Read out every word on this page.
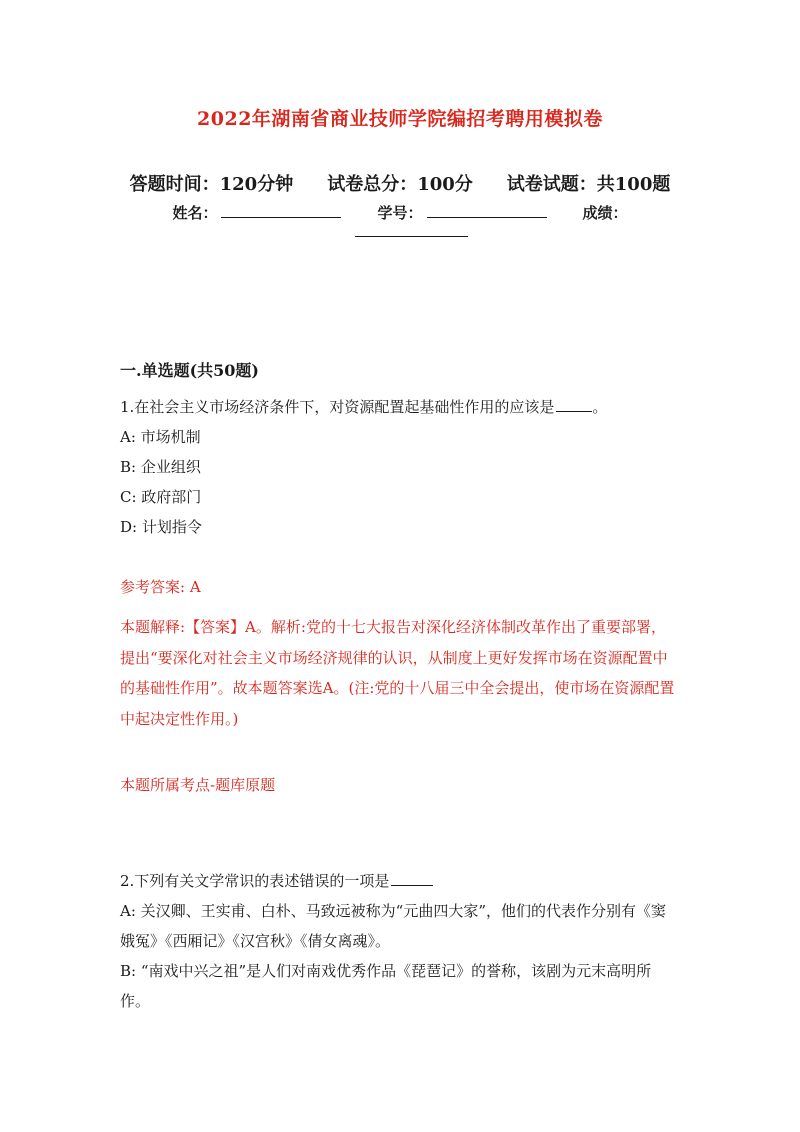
2022年湖南省商业技师学院编招考聘用模拟卷
答题时间：120分钟 试卷总分：100分 试卷试题：共100题
姓名：	学号：	成绩：
一.单选题(共50题)
1.在社会主义市场经济条件下，对资源配置起基础性作用的应该是	。
A: 市场机制
B: 企业组织
C: 政府部门
D: 计划指令
参考答案: A
本题解释:【答案】A。解析:党的十七大报告对深化经济体制改革作出了重要部署，提出“要深化对社会主义市场经济规律的认识，从制度上更好发挥市场在资源配置中的基础性作用”。故本题答案选A。(注:党的十八届三中全会提出，使市场在资源配置中起决定性作用。)
本题所属考点-题库原题
2.下列有关文学常识的表述错误的一项是
A: 关汉卿、王实甫、白朴、马致远被称为“元曲四大家”，他们的代表作分别有《窦娥冤》《西厢记》《汉宫秋》《倩女离魂》。
B: “南戏中兴之祖”是人们对南戏优秀作品《琵琶记》的誉称，该剧为元末高明所作。
